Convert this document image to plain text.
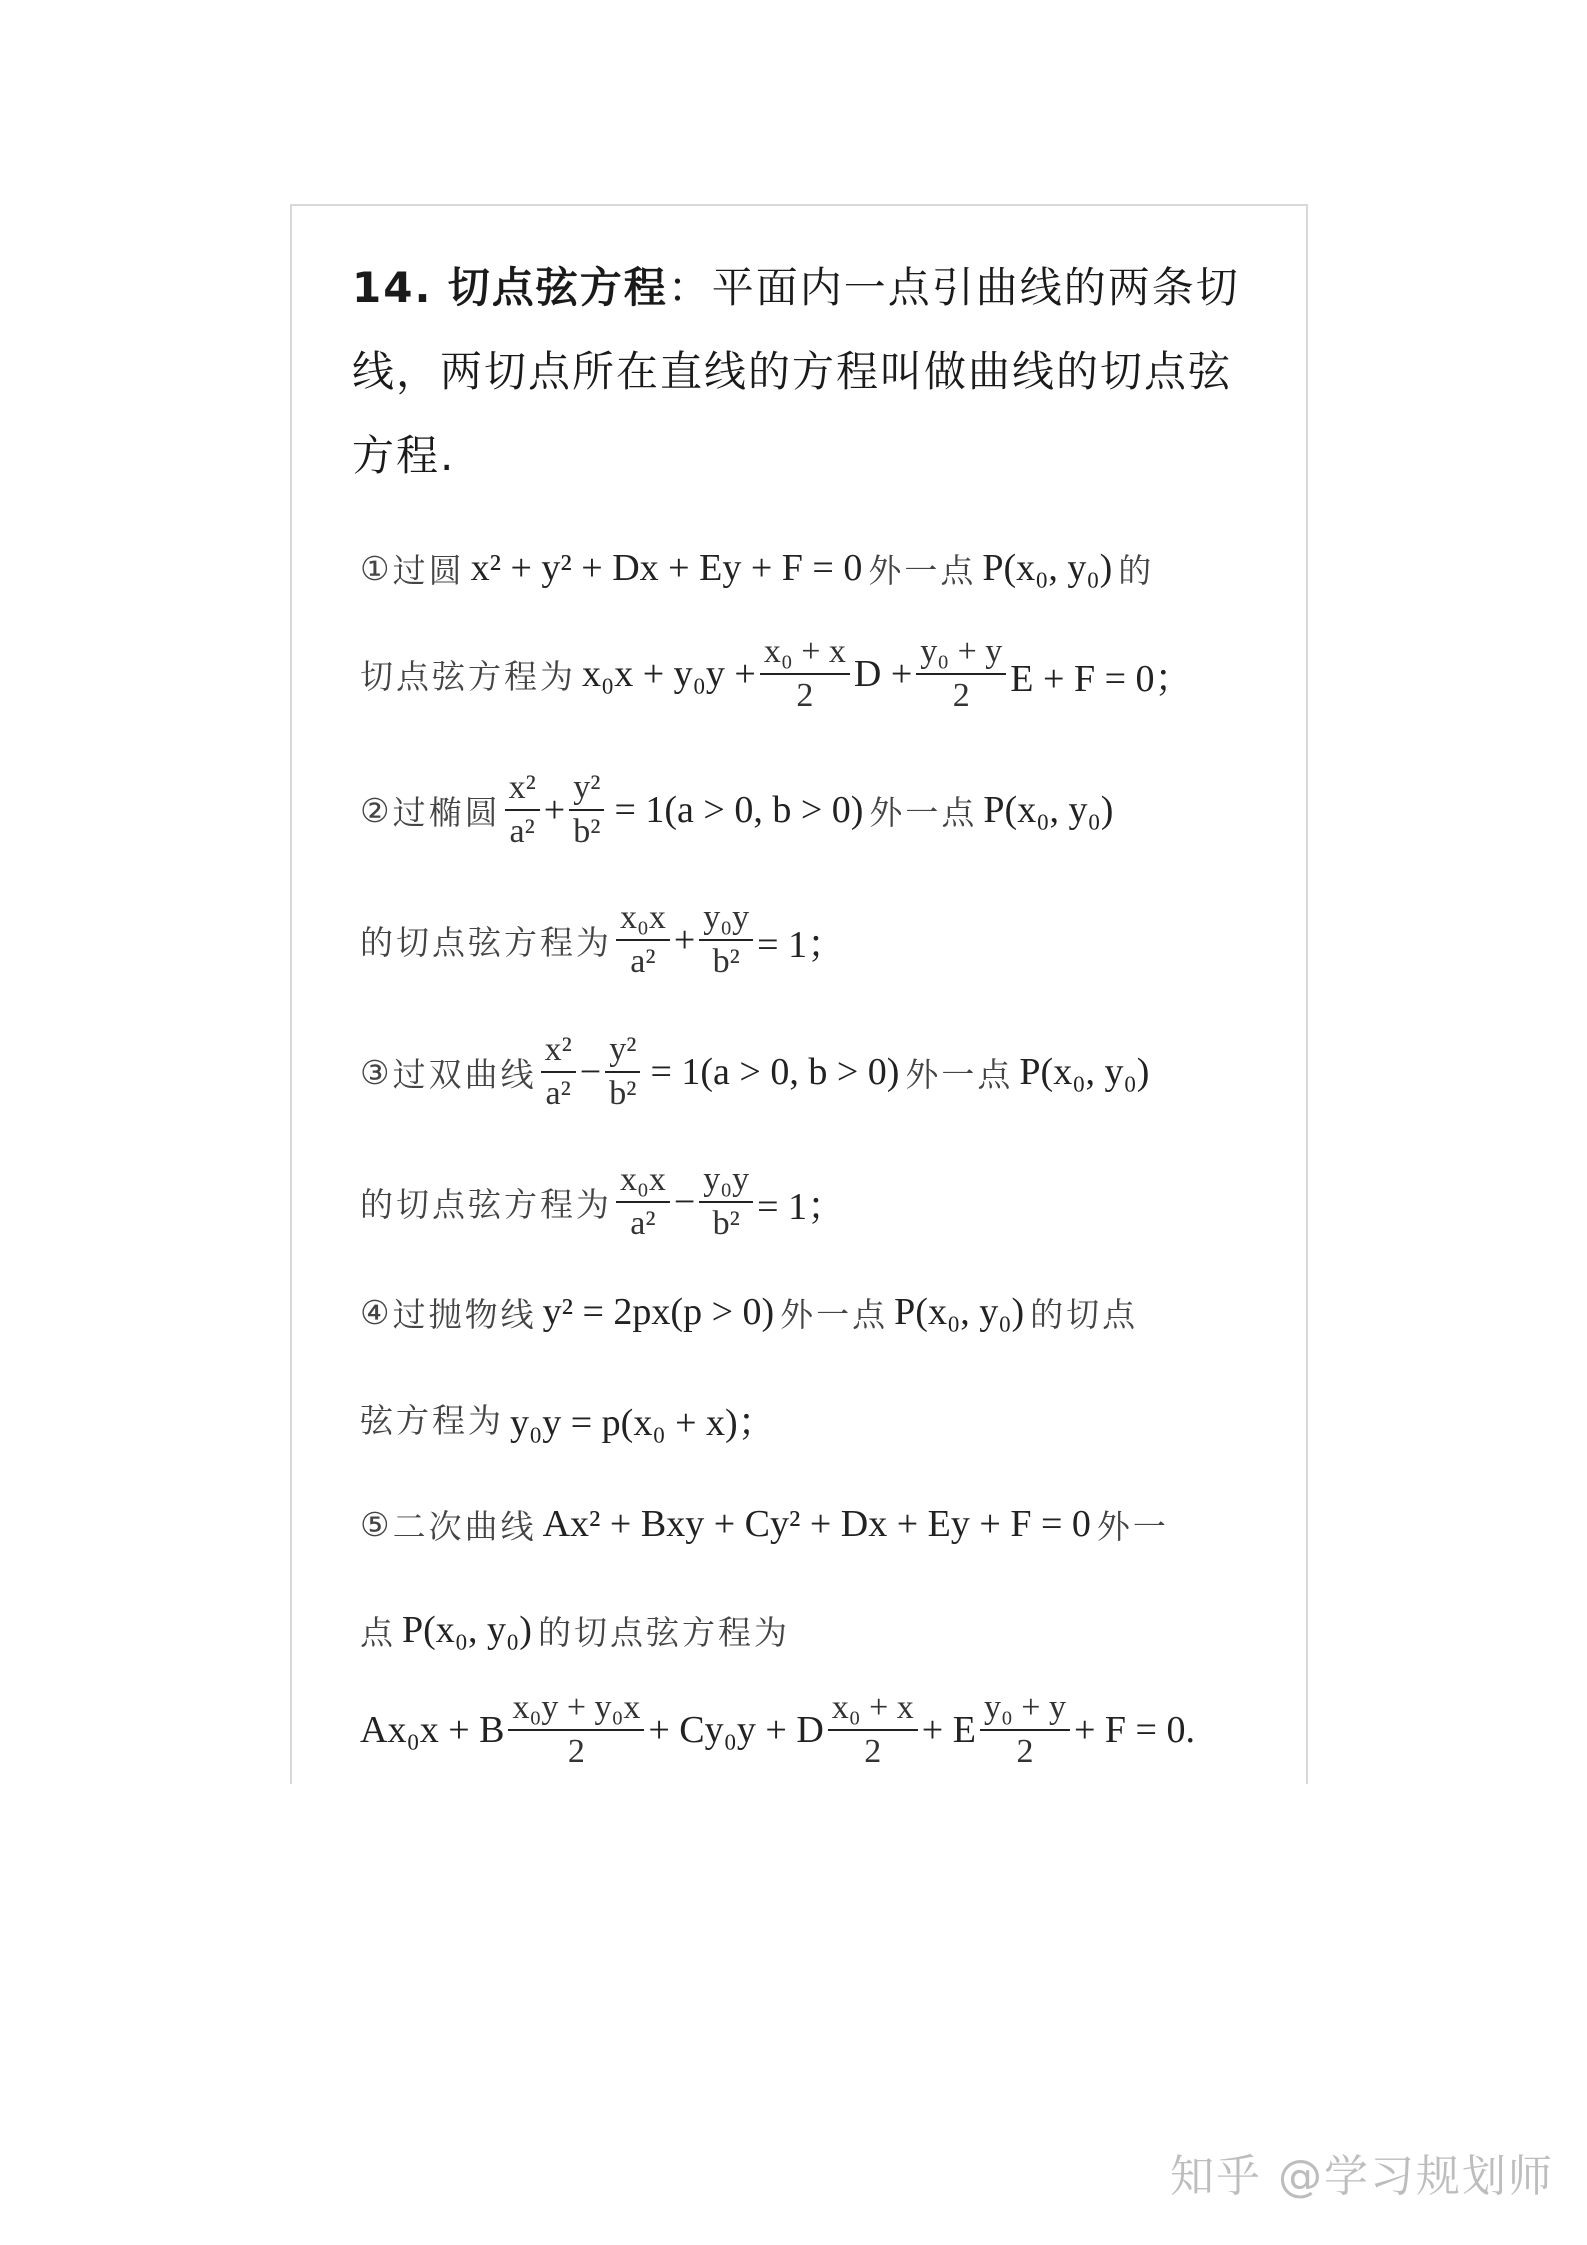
14. 切点弦方程：平面内一点引曲线的两条切线，两切点所在直线的方程叫做曲线的切点弦方程.
① 过圆 x² + y² + Dx + Ey + F = 0 外一点 P(x₀, y₀) 的
切点弦方程为 $x_0x + y_0y + \frac{\text{x₀ + x}}{2}$ $D + \frac{\text{y₀ + y}}{2}$ E + F = 0；
② 过椭圆 $\frac{\text{x²}}{\text{a²}} + \frac{\text{y²}}{\text{b²}} = 1(a > 0$, b > 0) 外一点 P(x₀, y₀)
的切点弦方程为 $\frac{\text{x₀x}}{\text{a²}} + \frac{\text{y₀y}}{\text{b²}} = 1$；
③ 过双曲线 $\frac{\text{x²}}{\text{a²}} - \frac{\text{y²}}{\text{b²}} = 1(a > 0$, b > 0) 外一点 P(x₀, y₀)
的切点弦方程为 $\frac{\text{x₀x}}{\text{a²}} - \frac{\text{y₀y}}{\text{b²}} = 1$；
④ 过抛物线 y² = 2px(p > 0) 外一点 P(x₀, y₀) 的切点
弦方程为 y₀y = p(x₀ + x)；
⑤ 二次曲线 Ax² + Bxy + Cy² + Dx + Ey + F = 0 外一
点 P(x₀, y₀) 的切点弦方程为
Ax₀x + B $\frac{\text{x₀y + y₀x}}{2} + Cy_0y + D \frac{\text{x₀ + x}}{2} + E \frac{\text{y₀ + y}}{2} + F = 0$.
知乎 @学习规划师
